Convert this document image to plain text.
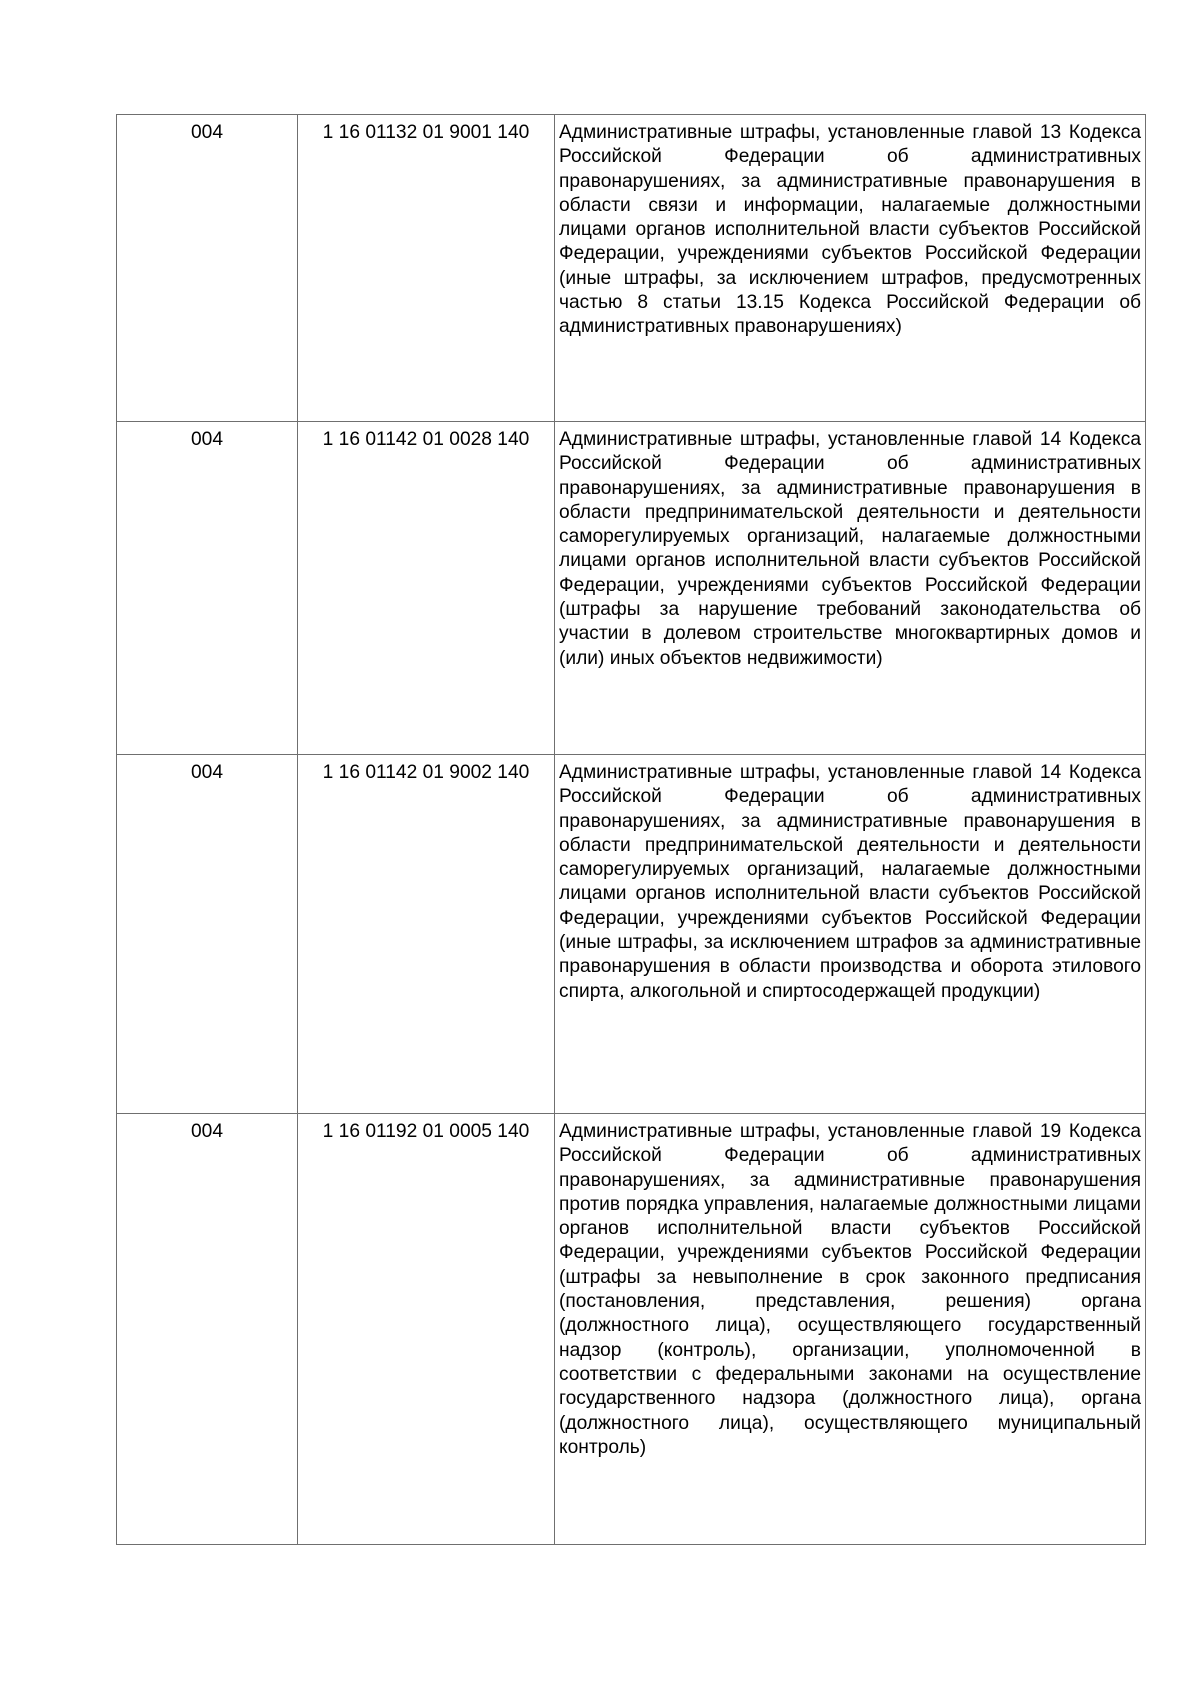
004	1 16 01132 01 9001 140	Административные штрафы, установленные главой 13 Кодекса Российской Федерации об административных правонарушениях, за административные правонарушения в области связи и информации, налагаемые должностными лицами органов исполнительной власти субъектов Российской Федерации, учреждениями субъектов Российской Федерации (иные штрафы, за исключением штрафов, предусмотренных частью 8 статьи 13.15 Кодекса Российской Федерации об административных правонарушениях)
004	1 16 01142 01 0028 140	Административные штрафы, установленные главой 14 Кодекса Российской Федерации об административных правонарушениях, за административные правонарушения в области предпринимательской деятельности и деятельности саморегулируемых организаций, налагаемые должностными лицами органов исполнительной власти субъектов Российской Федерации, учреждениями субъектов Российской Федерации (штрафы за нарушение требований законодательства об участии в долевом строительстве многоквартирных домов и (или) иных объектов недвижимости)
004	1 16 01142 01 9002 140	Административные штрафы, установленные главой 14 Кодекса Российской Федерации об административных правонарушениях, за административные правонарушения в области предпринимательской деятельности и деятельности саморегулируемых организаций, налагаемые должностными лицами органов исполнительной власти субъектов Российской Федерации, учреждениями субъектов Российской Федерации (иные штрафы, за исключением штрафов за административные правонарушения в области производства и оборота этилового спирта, алкогольной и спиртосодержащей продукции)
004	1 16 01192 01 0005 140	Административные штрафы, установленные главой 19 Кодекса Российской Федерации об административных правонарушениях, за административные правонарушения против порядка управления, налагаемые должностными лицами органов исполнительной власти субъектов Российской Федерации, учреждениями субъектов Российской Федерации (штрафы за невыполнение в срок законного предписания (постановления, представления, решения) органа (должностного лица), осуществляющего государственный надзор (контроль), организации, уполномоченной в соответствии с федеральными законами на осуществление государственного надзора (должностного лица), органа (должностного лица), осуществляющего муниципальный контроль)
